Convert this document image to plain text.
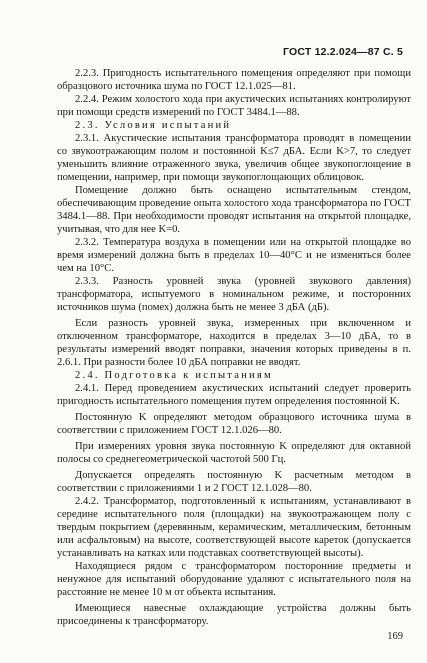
ГОСТ 12.2.024—87 С. 5

2.2.3. Пригодность испытательного помещения определяют при помощи образцового источника шума по ГОСТ 12.1.025—81.

2.2.4. Режим холостого хода при акустических испытаниях контролируют при помощи средств измерений по ГОСТ 3484.1—88.

2.3. Условия испытаний

2.3.1. Акустические испытания трансформатора проводят в помещении со звукоотражающим полом и постоянной K≤7 дБА. Если K>7, то следует уменьшить влияние отраженного звука, увеличив общее звукопоглощение в помещении, например, при помощи звукопоглощающих облицовок.

Помещение должно быть оснащено испытательным стендом, обеспечивающим проведение опыта холостого хода трансформатора по ГОСТ 3484.1—88. При необходимости проводят испытания на открытой площадке, учитывая, что для нее K=0.

2.3.2. Температура воздуха в помещении или на открытой площадке во время измерений должна быть в пределах 10—40°С и не изменяться более чем на 10°С.

2.3.3. Разность уровней звука (уровней звукового давления) трансформатора, испытуемого в номинальном режиме, и посторонних источников шума (помех) должна быть не менее 3 дБА (дБ).

Если разность уровней звука, измеренных при включенном и отключенном трансформаторе, находится в пределах 3—10 дБА, то в результаты измерений вводят поправки, значения которых приведены в п. 2.6.1. При разности более 10 дБА поправки не вводят.

2.4. Подготовка к испытаниям

2.4.1. Перед проведением акустических испытаний следует проверить пригодность испытательного помещения путем определения постоянной K.

Постоянную K определяют методом образцового источника шума в соответствии с приложением ГОСТ 12.1.026—80.

При измерениях уровня звука постоянную K определяют для октавной полосы со среднегеометрической частотой 500 Гц.

Допускается определять постоянную K расчетным методом в соответствии с приложениями 1 и 2 ГОСТ 12.1.028—80.

2.4.2. Трансформатор, подготовленный к испытаниям, устанавливают в середине испытательного поля (площадки) на звукоотражающем полу с твердым покрытием (деревянным, керамическим, металлическим, бетонным или асфальтовым) на высоте, соответствующей высоте кареток (допускается устанавливать на катках или подставках соответствующей высоты).

Находящиеся рядом с трансформатором посторонние предметы и ненужное для испытаний оборудование удаляют с испытательного поля на расстояние не менее 10 м от объекта испытания.

Имеющиеся навесные охлаждающие устройства должны быть присоединены к трансформатору.

169
